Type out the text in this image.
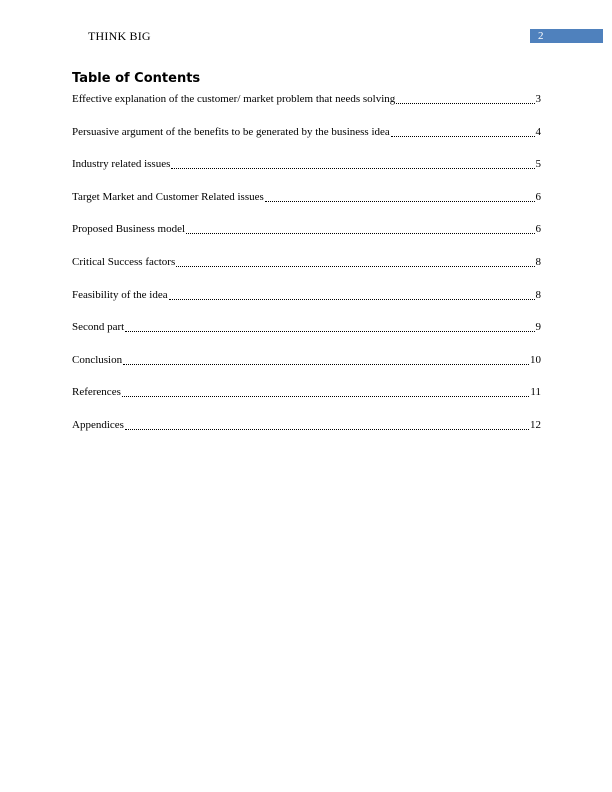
THINK BIG	2
Table of Contents
Effective explanation of the customer/ market problem that needs solving	3
Persuasive argument of the benefits to be generated by the business idea	4
Industry related issues	5
Target Market and Customer Related issues	6
Proposed Business model	6
Critical Success factors	8
Feasibility of the idea	8
Second part	9
Conclusion	10
References	11
Appendices	12
